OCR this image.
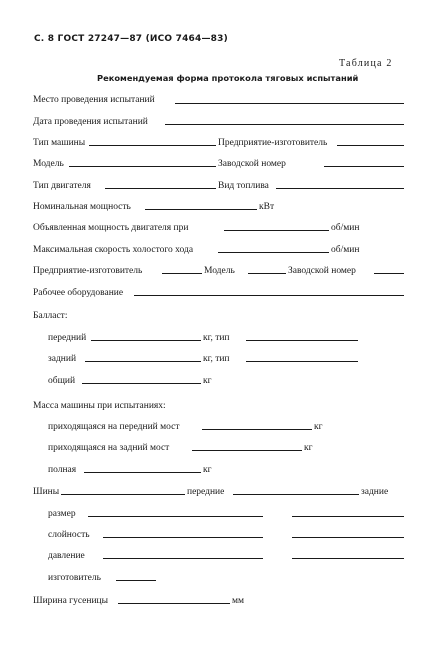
С. 8 ГОСТ 27247—87 (ИСО 7464—83)
Таблица 2
Рекомендуемая форма протокола тяговых испытаний
Место проведения испытаний
Дата проведения испытаний
Тип машины	Предприятие-изготовитель
Модель	Заводской номер
Тип двигателя	Вид топлива
Номинальная мощность	кВт
Объявленная мощность двигателя при	об/мин
Максимальная скорость холостого хода	об/мин
Предприятие-изготовитель	Модель	Заводской номер
Рабочее оборудование
Балласт:
передний	кг, тип
задний	кг, тип
общий	кг
Масса машины при испытаниях:
приходящаяся на передний мост	кг
приходящаяся на задний мост	кг
полная	кг
Шины	передние	задние
размер
слойность
давление
изготовитель
Ширина гусеницы	мм
